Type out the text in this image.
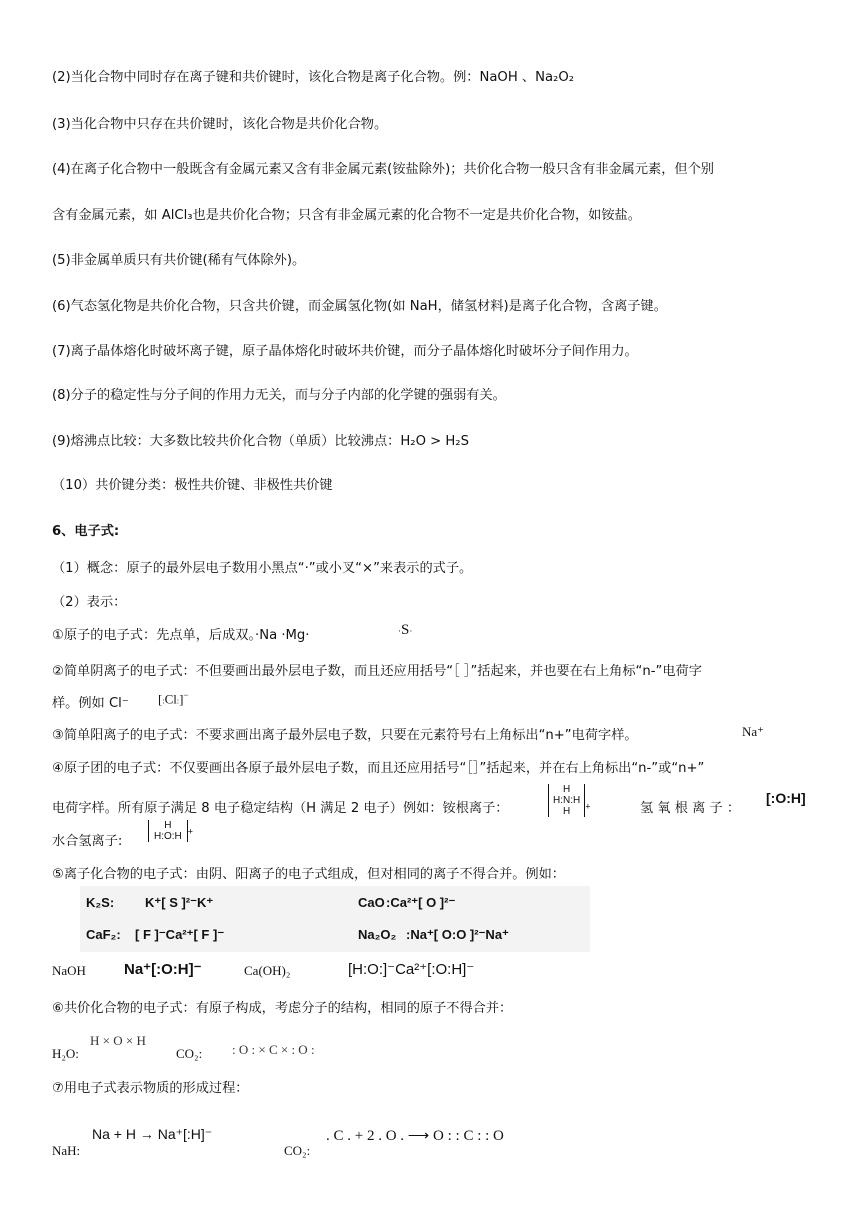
(2)当化合物中同时存在离子键和共价键时，该化合物是离子化合物。例：NaOH 、Na₂O₂
(3)当化合物中只存在共价键时，该化合物是共价化合物。
(4)在离子化合物中一般既含有金属元素又含有非金属元素(铵盐除外)；共价化合物一般只含有非金属元素，但个别
含有金属元素，如 AlCl₃也是共价化合物；只含有非金属元素的化合物不一定是共价化合物，如铵盐。
(5)非金属单质只有共价键(稀有气体除外)。
(6)气态氢化物是共价化合物，只含共价键，而金属氢化物(如 NaH，储氢材料)是离子化合物，含离子键。
(7)离子晶体熔化时破坏离子键，原子晶体熔化时破坏共价键，而分子晶体熔化时破坏分子间作用力。
(8)分子的稳定性与分子间的作用力无关，而与分子内部的化学键的强弱有关。
(9)熔沸点比较：大多数比较共价化合物（单质）比较沸点：H₂O > H₂S
（10）共价键分类：极性共价键、非极性共价键
6、电子式:
（1）概念：原子的最外层电子数用小黑点“·”或小叉“×”来表示的式子。
（2）表示：
①原子的电子式：先点单，后成双。·Na ·Mg·	·S·
②简单阴离子的电子式：不但要画出最外层电子数，而且还应用括号“［ ］”括起来，并也要在右上角标“n-”电荷字
样。例如 Cl⁻ [:Cl:]−
③简单阳离子的电子式：不要求画出离子最外层电子数，只要在元素符号右上角标出“n+”电荷字样。	Na⁺
④原子团的电子式：不仅要画出各原子最外层电子数，而且还应用括号“［］”括起来，并在右上角标出“n-”或“n+”
电荷字样。所有原子满足 8 电子稳定结构（H 满足 2 电子）例如：铵根离子：
H
H:N:H
H +	氢 氧 根 离 子 ：
[:O:H]
水合氢离子:
H
H:O:H +
⑤离子化合物的电子式：由阴、阳离子的电子式组成，但对相同的离子不得合并。例如：
K₂S: K⁺[ S ]²⁻K⁺	CaO :Ca²⁺[ O ]²⁻
CaF₂: [ F ]⁻Ca²⁺[ F ]⁻	Na₂O₂ :Na⁺[ O:O ]²⁻Na⁺
NaOH	Na⁺[:O:H]⁻	Ca(OH)₂	[H:O:]⁻Ca²⁺[:O:H]⁻
⑥共价化合物的电子式：有原子构成，考虑分子的结构，相同的原子不得合并：
H₂O:
H × O × H
CO₂: : O : × C × : O :
⑦用电子式表示物质的形成过程：
NaH:
Na + H → Na⁺[:H]⁻
CO₂:
. C . + 2 . O . ⟶ O : : C : : O
